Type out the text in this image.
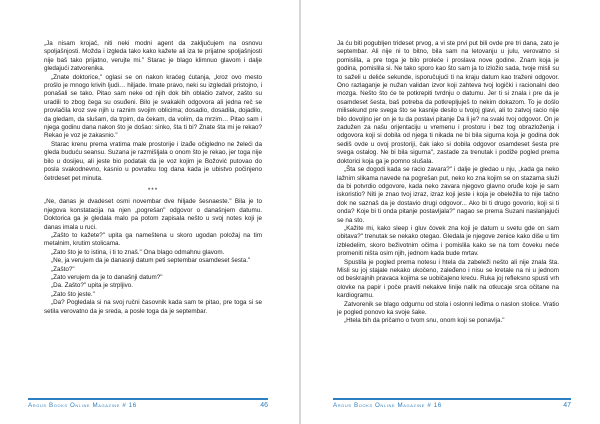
„Ja nisam krojač, niti neki modni agent da zaključujem na osnovu spoljašnjosti. Možda i izgleda tako kako kažete ali iza te prijatne spoljašnjosti nije baš tako prijatno, verujte mi." Starac je blago klimnuo glavom i dalje gledajući zatvorenika.

„Znate doktorice," oglasi se on nakon kraćeg ćutanja, „kroz ovo mesto prošlo je mnogo krivih ljudi… hiljade. Imate pravo, neki su izgledali pristojno, i ponašali se tako. Pitao sam neke od njih dok bih oblačio zatvor, zašto su uradili to zbog čega su osuđeni. Bilo je svakakih odgovora ali jedna reč se provlačila kroz sve njih u raznim svojim oblicima; dosadio, dosadila, dojadilo, da gledam, da slušam, da trpim, da čekam, da volim, da mrzim… Pitao sam i njega godinu dana nakon što je došao: sinko, šta ti bi? Znate šta mi je rekao? Rekao je voz je zakasnio."

Starac krenu prema vratima male prostorije i izađe očigledno ne želeći da gleda buduću seansu. Suzana je razmišljala o onom što je rekao, jer toga nije bilo u dosijeu, ali jeste bio podatak da je voz kojim je Božović putovao do posla svakodnevno, kasnio u povratku tog dana kada je ubistvo počinjeno četrdeset pet minuta.

***

„Ne, danas je dvadeset osmi novembar dve hiljade šesnaeste." Bila je to njegova konstatacija na njen „pogrešan" odgovor o današnjem datumu. Doktorica ga je gledala malo pa potom zapisala nešto u svoj notes koji je danas imala u ruci.

„Zašto to kažete?" upita ga nameštena u skoro ugodan položaj na tim metalnim, krutim stolicama.

„Zato što je to istina, i ti to znaš." Ona blago odmahnu glavom.

„Ne, ja verujem da je danasnji datum peti septembar osamdeset šesta."

„Zašto?"

„Zato verujem da je to današnji datum?"

„Da. Zašto?" upita je strpljivo.

„Zato što jeste."

„Da? Pogledala si na svoj ručni časovnik kada sam te pitao, pre toga si se setila verovatno da je sreda, a posle toga da je septembar.

Argus Books Online Magazine # 16	46

Ja ću biti pogubljen trideset prvog, a vi ste prvi put bili ovde pre tri dana, zato je septembar. Ali nije ni to bitno, bila sam na letovanju u julu, verovatno si pomislila, a pre toga je bilo proleće i proslava nove godine. Znam koja je godina, pomislila si. Ne tako sporo kao što sam ja to izložio sada, tvoje misli su to saželi u deliće sekunde, isporučujući ti na kraju datum kao traženi odgovor. Ono razlaganje je nužan validan izvor koji zahteva tvoj logički i racionalni deo mozga. Nešto što će te potkrepiti tvrdnju o datumu. Jer ti si znala i pre da je osamdeset šesta, baš potreba da potkrepljuješ to nekim dokazom. To je došlo milisekund pre svega što se kasnije desilo u tvojoj glavi, ali to zatvoj racio nije bilo dovoljno jer on je tu da postavi pitanje Da li je? na svaki tvoj odgovor. On je zadužen za našu orijentaciju u vremenu i prostoru i bez tog obrazloženja i odgovora koji si dobila od njega ti nikada ne bi bila sigurna koja je godina dok sediš ovde u ovoj prostoriji, čak iako si dobila odgovor osamdeset šesta pre svega ostalog. Ne bi bila sigurna", zastade za trenutak i podiže pogled prema doktorici koja ga je pomno slušala.

„Šta se dogodi kada se racio zavara?" i dalje je gledao u nju, „kada ga neko lažnim slikama navede na pogrešan put, neko ko zna kojim se on stazama služi da bi potvrdio odgovore, kada neko zavara njegovo glavno oruđe koje je sam iskoristio? Niti je znao tvoj izraz, izraz koji jeste i koja je obeležila to nije tačno dok ne saznaš da je dostavio drugi odgovor... Ako bi ti drugo govorio, koji si ti onda? Koje bi ti onda pitanje postavljala?" nagao se prema Suzani naslanjajući se na sto.

„Kažite mi, kako sleep i gluv čovek zna koji je datum u svetu gde on sam obitava?" trenutak se nekako otegao. Gledala je njegove zenice kako diše u tim izbledelim, skoro beživotnim očima i pomislila kako se na tom čoveku neće promeniti ništa osim njih, jednom kada bude mrtav.

Spustila je pogled prema notesu i htela da zabeleži nešto ali nije znala šta. Misli su joj stajale nekako ukočeno, zaleđeno i nisu se kretale na ni u jednom od beskrajnih pravaca kojima se uobičajeno kreću. Ruka joj refleksno spusti vrh olovke na papir i poče praviti nekakve linije nalik na otkucaje srca očitane na kardiogramu.

Zatvorenik se blago odgurnu od stola i oslonni leđima o naslon stolice. Vratio je pogled ponovo ka svoje šake.

„Htela bih da pričamo o tvom snu, onom koji se ponavlja."

Argus Books Online Magazine # 16	47
